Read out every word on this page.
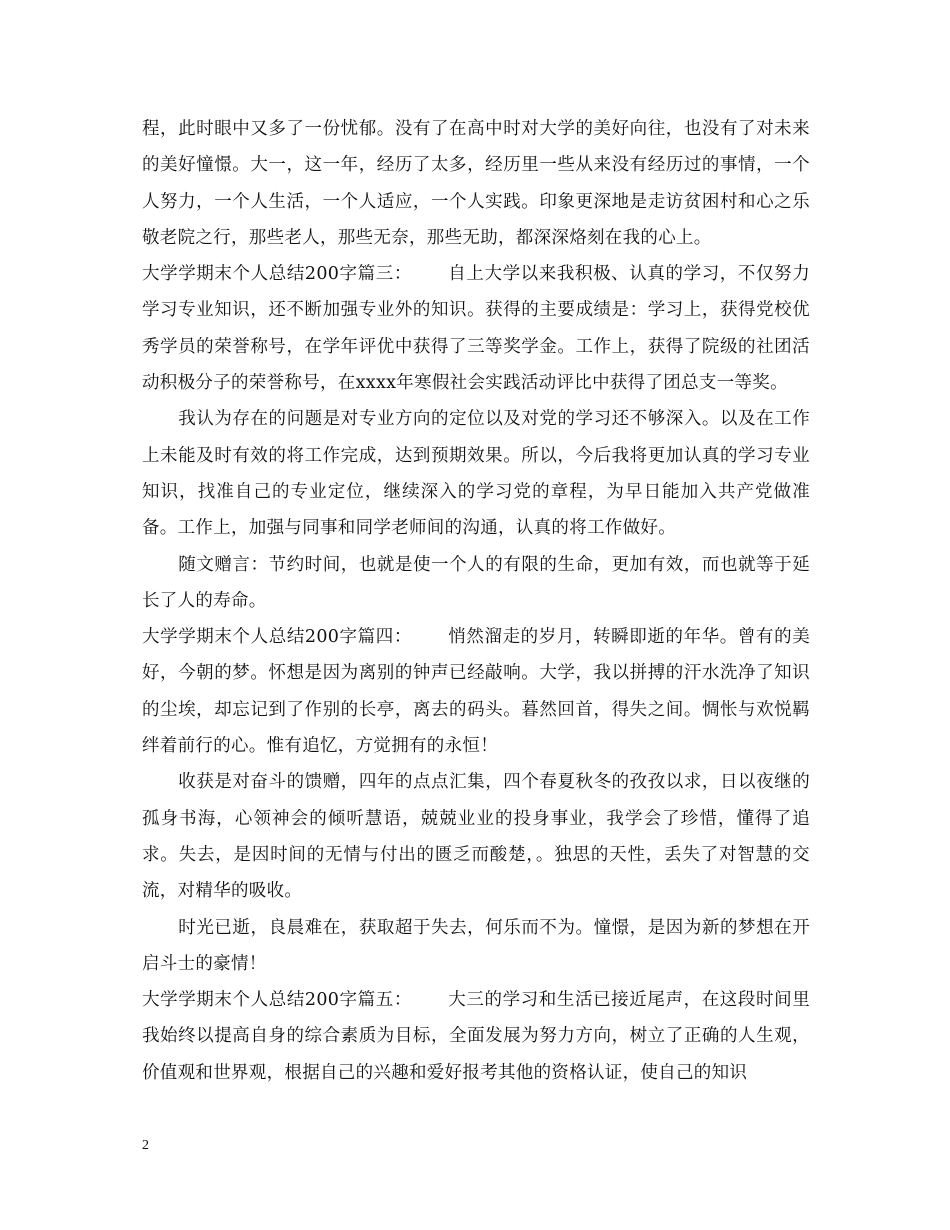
程，此时眼中又多了一份忧郁。没有了在高中时对大学的美好向往，也没有了对未来的美好憧憬。大一，这一年，经历了太多，经历里一些从来没有经历过的事情，一个人努力，一个人生活，一个人适应，一个人实践。印象更深地是走访贫困村和心之乐敬老院之行，那些老人，那些无奈，那些无助，都深深烙刻在我的心上。

大学学期末个人总结200字篇三： 自上大学以来我积极、认真的学习，不仅努力学习专业知识，还不断加强专业外的知识。获得的主要成绩是：学习上，获得党校优秀学员的荣誉称号，在学年评优中获得了三等奖学金。工作上，获得了院级的社团活动积极分子的荣誉称号，在xxxx年寒假社会实践活动评比中获得了团总支一等奖。

我认为存在的问题是对专业方向的定位以及对党的学习还不够深入。以及在工作上未能及时有效的将工作完成，达到预期效果。所以，今后我将更加认真的学习专业知识，找准自己的专业定位，继续深入的学习党的章程，为早日能加入共产党做准备。工作上，加强与同事和同学老师间的沟通，认真的将工作做好。

随文赠言：节约时间，也就是使一个人的有限的生命，更加有效，而也就等于延长了人的寿命。

大学学期末个人总结200字篇四： 悄然溜走的岁月，转瞬即逝的年华。曾有的美好，今朝的梦。怀想是因为离别的钟声已经敲响。大学，我以拼搏的汗水洗净了知识的尘埃，却忘记到了作别的长亭，离去的码头。暮然回首，得失之间。惆怅与欢悦羁绊着前行的心。惟有追忆，方觉拥有的永恒！

收获是对奋斗的馈赠，四年的点点汇集，四个春夏秋冬的孜孜以求，日以夜继的孤身书海，心领神会的倾听慧语，兢兢业业的投身事业，我学会了珍惜，懂得了追求。失去，是因时间的无情与付出的匮乏而酸楚，。独思的天性，丢失了对智慧的交流，对精华的吸收。

时光已逝，良晨难在，获取超于失去，何乐而不为。憧憬，是因为新的梦想在开启斗士的豪情！

大学学期末个人总结200字篇五： 大三的学习和生活已接近尾声，在这段时间里我始终以提高自身的综合素质为目标，全面发展为努力方向，树立了正确的人生观，价值观和世界观，根据自己的兴趣和爱好报考其他的资格认证，使自己的知识

2
